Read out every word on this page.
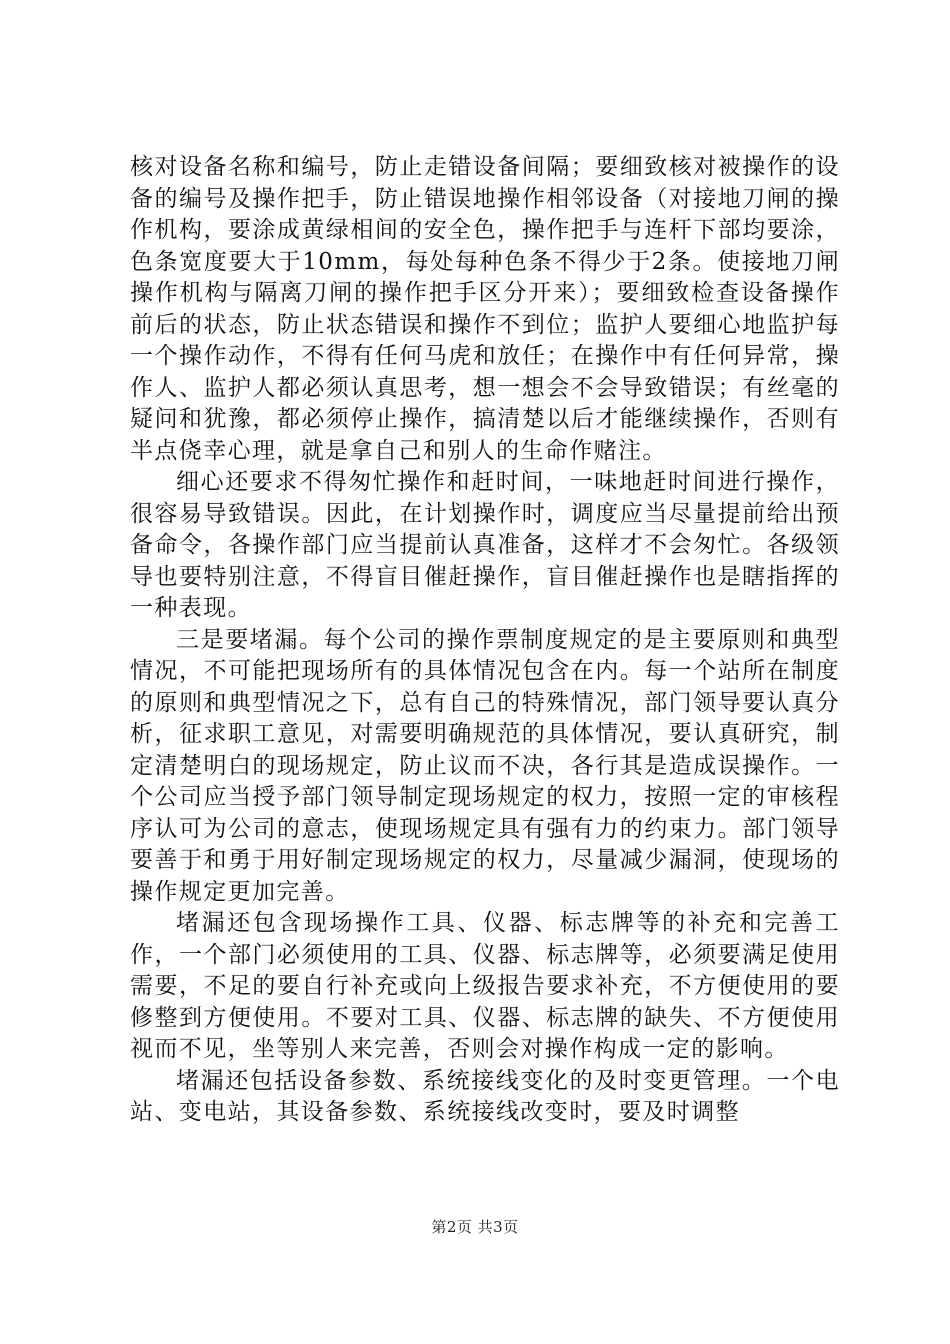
核对设备名称和编号，防止走错设备间隔；要细致核对被操作的设备的编号及操作把手，防止错误地操作相邻设备（对接地刀闸的操作机构，要涂成黄绿相间的安全色，操作把手与连杆下部均要涂，色条宽度要大于10mm，每处每种色条不得少于2条。使接地刀闸操作机构与隔离刀闸的操作把手区分开来）；要细致检查设备操作前后的状态，防止状态错误和操作不到位；监护人要细心地监护每一个操作动作，不得有任何马虎和放任；在操作中有任何异常，操作人、监护人都必须认真思考，想一想会不会导致错误；有丝毫的疑问和犹豫，都必须停止操作，搞清楚以后才能继续操作，否则有半点侥幸心理，就是拿自己和别人的生命作赌注。

细心还要求不得匆忙操作和赶时间，一味地赶时间进行操作，很容易导致错误。因此，在计划操作时，调度应当尽量提前给出预备命令，各操作部门应当提前认真准备，这样才不会匆忙。各级领导也要特别注意，不得盲目催赶操作，盲目催赶操作也是瞎指挥的一种表现。

三是要堵漏。每个公司的操作票制度规定的是主要原则和典型情况，不可能把现场所有的具体情况包含在内。每一个站所在制度的原则和典型情况之下，总有自己的特殊情况，部门领导要认真分析，征求职工意见，对需要明确规范的具体情况，要认真研究，制定清楚明白的现场规定，防止议而不决，各行其是造成误操作。一个公司应当授予部门领导制定现场规定的权力，按照一定的审核程序认可为公司的意志，使现场规定具有强有力的约束力。部门领导要善于和勇于用好制定现场规定的权力，尽量减少漏洞，使现场的操作规定更加完善。

堵漏还包含现场操作工具、仪器、标志牌等的补充和完善工作，一个部门必须使用的工具、仪器、标志牌等，必须要满足使用需要，不足的要自行补充或向上级报告要求补充，不方便使用的要修整到方便使用。不要对工具、仪器、标志牌的缺失、不方便使用视而不见，坐等别人来完善，否则会对操作构成一定的影响。

堵漏还包括设备参数、系统接线变化的及时变更管理。一个电站、变电站，其设备参数、系统接线改变时，要及时调整

第2页 共3页
